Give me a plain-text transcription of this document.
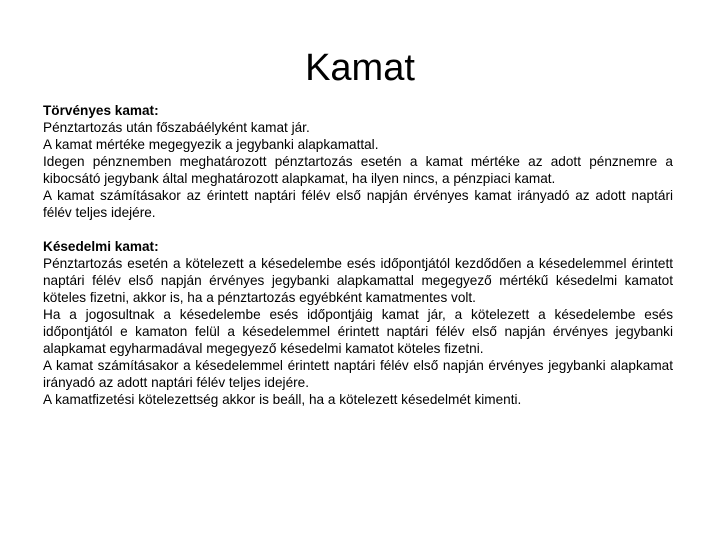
Kamat

Törvényes kamat:

Pénztartozás után főszabáélyként kamat jár.

A kamat mértéke megegyezik a jegybanki alapkamattal.

Idegen pénznemben meghatározott pénztartozás esetén a kamat mértéke az adott pénznemre a kibocsátó jegybank által meghatározott alapkamat, ha ilyen nincs, a pénzpiaci kamat.

A kamat számításakor az érintett naptári félév első napján érvényes kamat irányadó az adott naptári félév teljes idejére.

Késedelmi kamat:

Pénztartozás esetén a kötelezett a késedelembe esés időpontjától kezdődően a késedelemmel érintett naptári félév első napján érvényes jegybanki alapkamattal megegyező mértékű késedelmi kamatot köteles fizetni, akkor is, ha a pénztartozás egyébként kamatmentes volt.

Ha a jogosultnak a késedelembe esés időpontjáig kamat jár, a kötelezett a késedelembe esés időpontjától e kamaton felül a késedelemmel érintett naptári félév első napján érvényes jegybanki alapkamat egyharmadával megegyező késedelmi kamatot köteles fizetni.

A kamat számításakor a késedelemmel érintett naptári félév első napján érvényes jegybanki alapkamat irányadó az adott naptári félév teljes idejére.

A kamatfizetési kötelezettség akkor is beáll, ha a kötelezett késedelmét kimenti.
